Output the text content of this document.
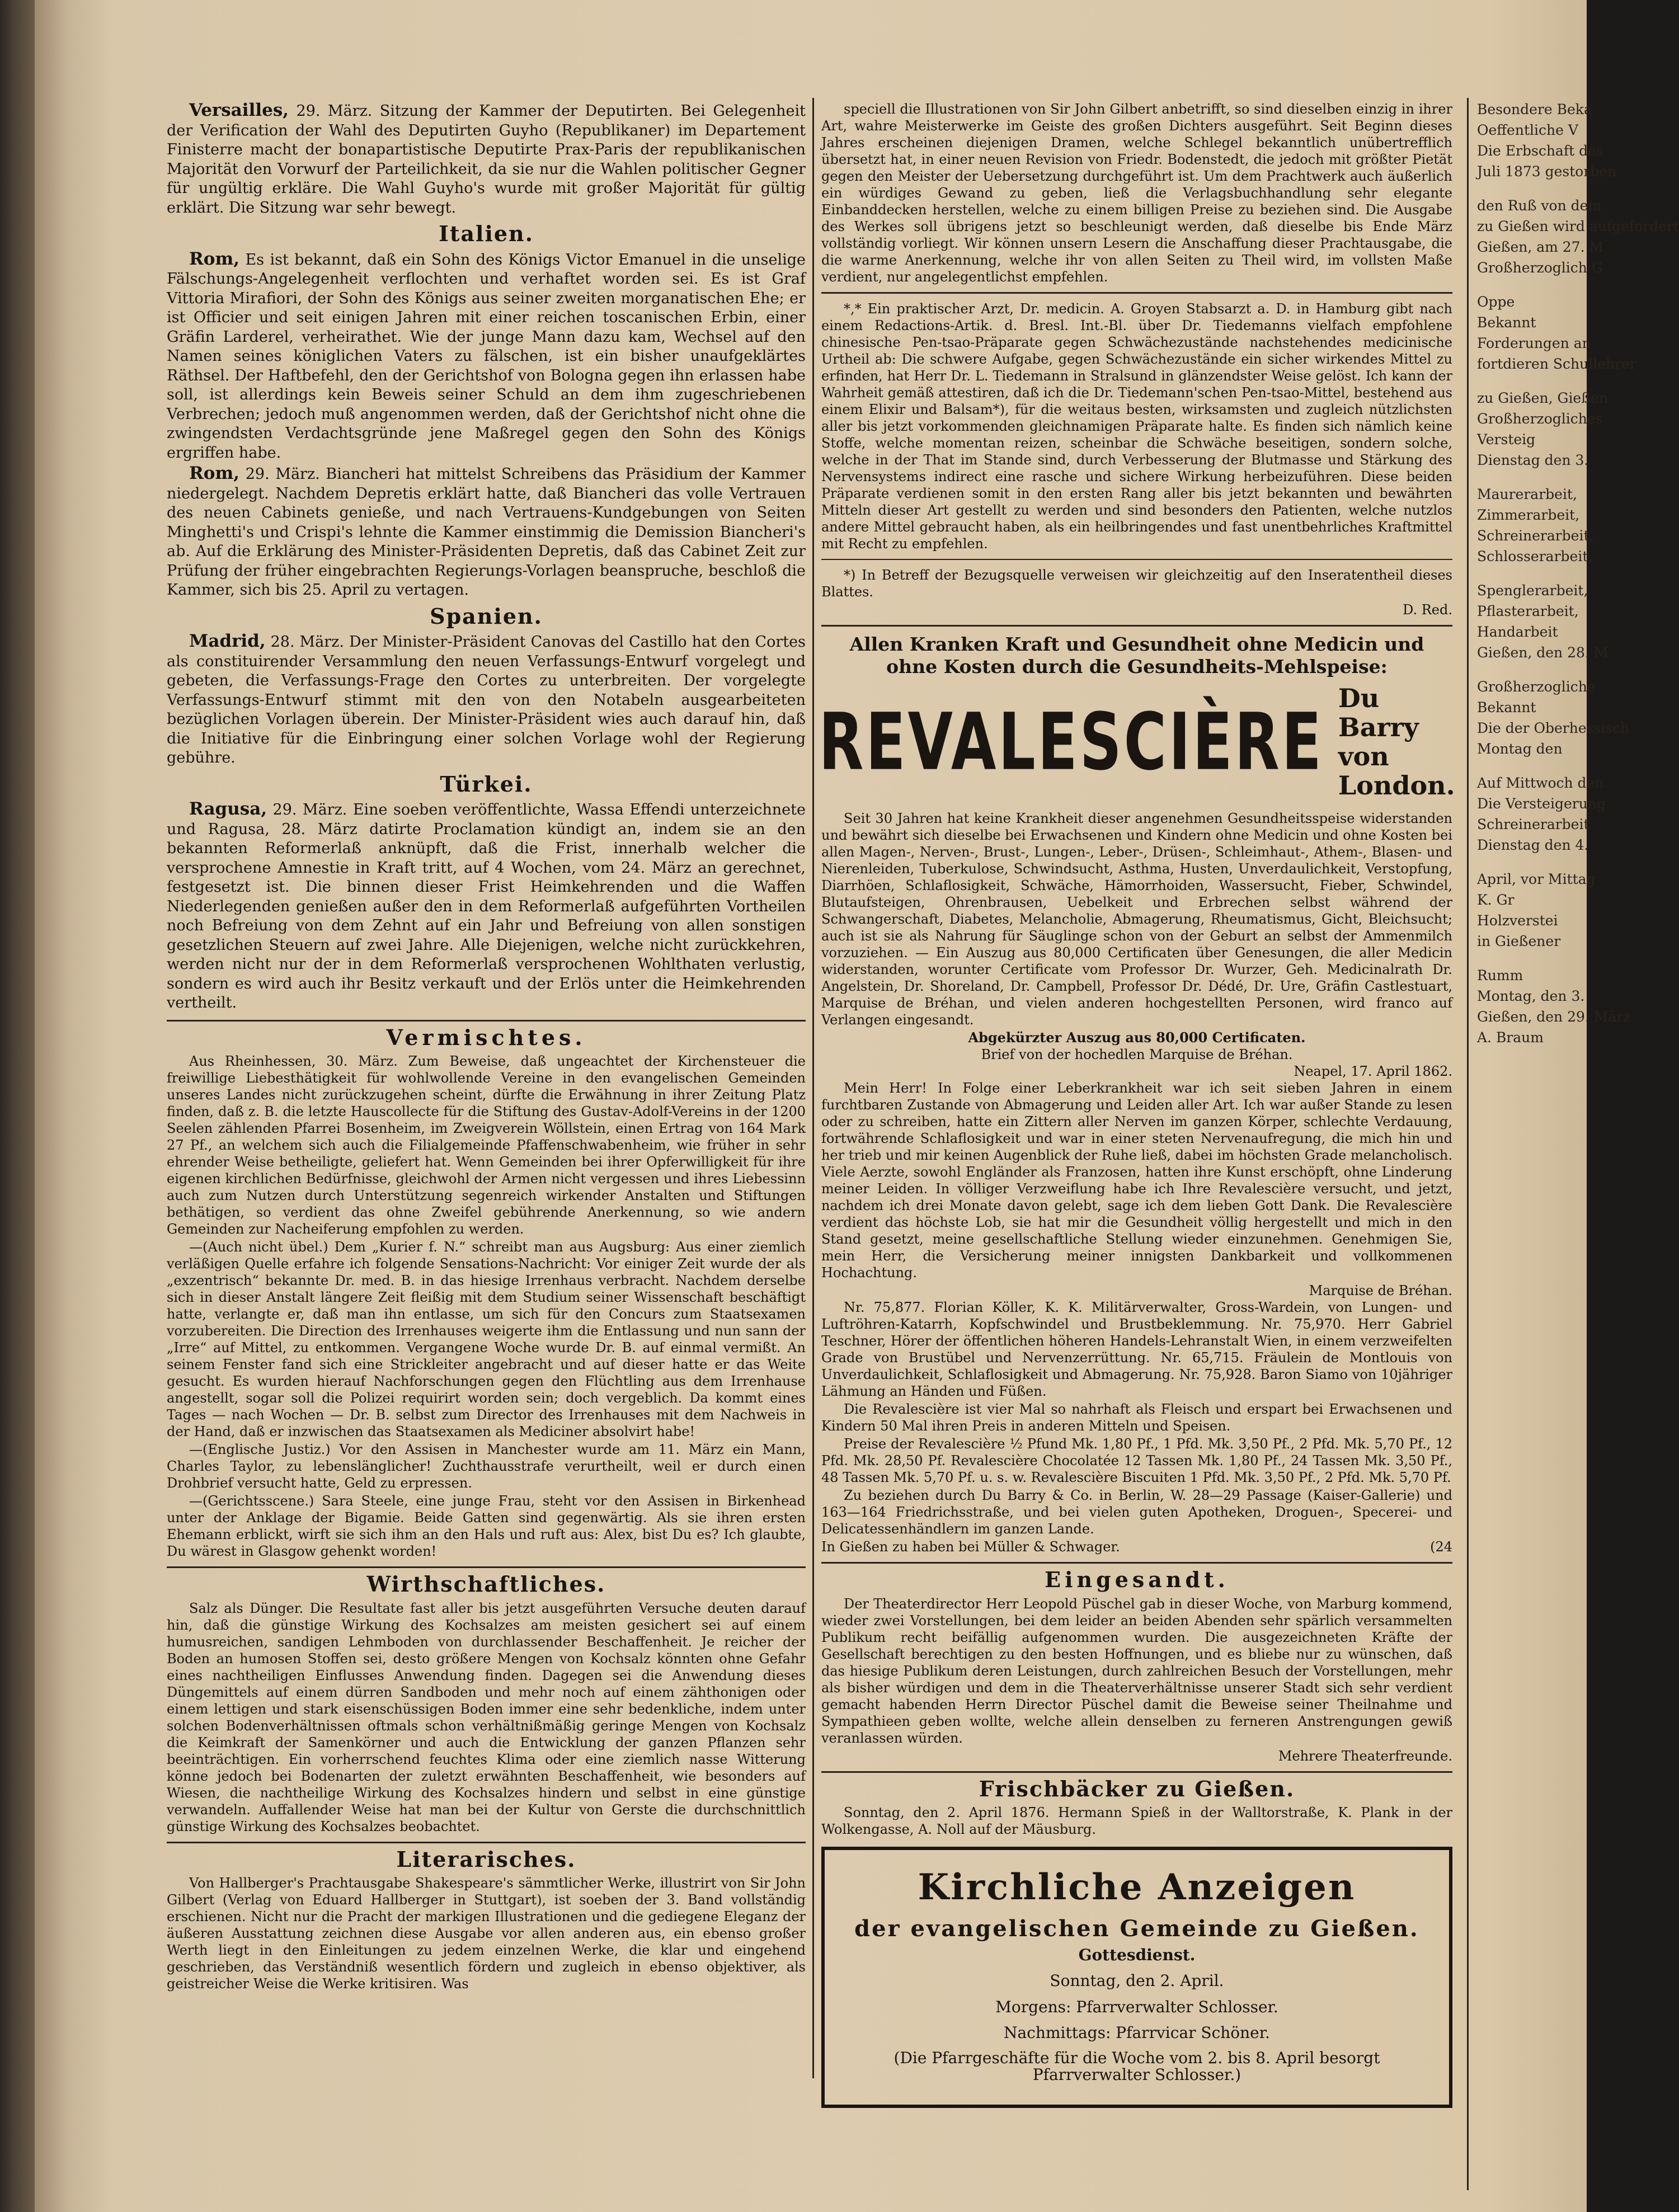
Versailles, 29. März. Sitzung der Kammer der Deputirten. Bei Gelegenheit der Verification der Wahl des Deputirten Guyho (Republikaner) im Departement Finisterre macht der bonapartistische Deputirte Prax-Paris der republikanischen Majorität den Vorwurf der Parteilichkeit, da sie nur die Wahlen politischer Gegner für ungültig erkläre. Die Wahl Guyho's wurde mit großer Majorität für gültig erklärt. Die Sitzung war sehr bewegt.

Italien.

Rom, Es ist bekannt, daß ein Sohn des Königs Victor Emanuel in die unselige Fälschungs-Angelegenheit verflochten und verhaftet worden sei. Es ist Graf Vittoria Mirafiori, der Sohn des Königs aus seiner zweiten morganatischen Ehe; er ist Officier und seit einigen Jahren mit einer reichen toscanischen Erbin, einer Gräfin Larderel, verheirathet. Wie der junge Mann dazu kam, Wechsel auf den Namen seines königlichen Vaters zu fälschen, ist ein bisher unaufgeklärtes Räthsel. Der Haftbefehl, den der Gerichtshof von Bologna gegen ihn erlassen habe soll, ist allerdings kein Beweis seiner Schuld an dem ihm zugeschriebenen Verbrechen; jedoch muß angenommen werden, daß der Gerichtshof nicht ohne die zwingendsten Verdachtsgründe jene Maßregel gegen den Sohn des Königs ergriffen habe.

Rom, 29. März. Biancheri hat mittelst Schreibens das Präsidium der Kammer niedergelegt. Nachdem Depretis erklärt hatte, daß Biancheri das volle Vertrauen des neuen Cabinets genieße, und nach Vertrauens-Kundgebungen von Seiten Minghetti's und Crispi's lehnte die Kammer einstimmig die Demission Biancheri's ab. Auf die Erklärung des Minister-Präsidenten Depretis, daß das Cabinet Zeit zur Prüfung der früher eingebrachten Regierungs-Vorlagen beanspruche, beschloß die Kammer, sich bis 25. April zu vertagen.

Spanien.

Madrid, 28. März. Der Minister-Präsident Canovas del Castillo hat den Cortes als constituirender Versammlung den neuen Verfassungs-Entwurf vorgelegt und gebeten, die Verfassungs-Frage den Cortes zu unterbreiten. Der vorgelegte Verfassungs-Entwurf stimmt mit den von den Notabeln ausgearbeiteten bezüglichen Vorlagen überein. Der Minister-Präsident wies auch darauf hin, daß die Initiative für die Einbringung einer solchen Vorlage wohl der Regierung gebühre.

Türkei.

Ragusa, 29. März. Eine soeben veröffentlichte, Wassa Effendi unterzeichnete und Ragusa, 28. März datirte Proclamation kündigt an, indem sie an den bekannten Reformerlaß anknüpft, daß die Frist, innerhalb welcher die versprochene Amnestie in Kraft tritt, auf 4 Wochen, vom 24. März an gerechnet, festgesetzt ist. Die binnen dieser Frist Heimkehrenden und die Waffen Niederlegenden genießen außer den in dem Reformerlaß aufgeführten Vortheilen noch Befreiung von dem Zehnt auf ein Jahr und Befreiung von allen sonstigen gesetzlichen Steuern auf zwei Jahre. Alle Diejenigen, welche nicht zurückkehren, werden nicht nur der in dem Reformerlaß versprochenen Wohlthaten verlustig, sondern es wird auch ihr Besitz verkauft und der Erlös unter die Heimkehrenden vertheilt.

Vermischtes.

Aus Rheinhessen, 30. März. Zum Beweise, daß ungeachtet der Kirchensteuer die freiwillige Liebesthätigkeit für wohlwollende Vereine in den evangelischen Gemeinden unseres Landes nicht zurückzugehen scheint, dürfte die Erwähnung in ihrer Zeitung Platz finden, daß z. B. die letzte Hauscollecte für die Stiftung des Gustav-Adolf-Vereins in der 1200 Seelen zählenden Pfarrei Bosenheim, im Zweigverein Wöllstein, einen Ertrag von 164 Mark 27 Pf., an welchem sich auch die Filialgemeinde Pfaffenschwabenheim, wie früher in sehr ehrender Weise betheiligte, geliefert hat. Wenn Gemeinden bei ihrer Opferwilligkeit für ihre eigenen kirchlichen Bedürfnisse, gleichwohl der Armen nicht vergessen und ihres Liebessinn auch zum Nutzen durch Unterstützung segenreich wirkender Anstalten und Stiftungen bethätigen, so verdient das ohne Zweifel gebührende Anerkennung, so wie andern Gemeinden zur Nacheiferung empfohlen zu werden.

—(Auch nicht übel.) Dem „Kurier f. N.“ schreibt man aus Augsburg: Aus einer ziemlich verläßigen Quelle erfahre ich folgende Sensations-Nachricht: Vor einiger Zeit wurde der als „exzentrisch“ bekannte Dr. med. B. in das hiesige Irrenhaus verbracht. Nachdem derselbe sich in dieser Anstalt längere Zeit fleißig mit dem Studium seiner Wissenschaft beschäftigt hatte, verlangte er, daß man ihn entlasse, um sich für den Concurs zum Staatsexamen vorzubereiten. Die Direction des Irrenhauses weigerte ihm die Entlassung und nun sann der „Irre“ auf Mittel, zu entkommen. Vergangene Woche wurde Dr. B. auf einmal vermißt. An seinem Fenster fand sich eine Strickleiter angebracht und auf dieser hatte er das Weite gesucht. Es wurden hierauf Nachforschungen gegen den Flüchtling aus dem Irrenhause angestellt, sogar soll die Polizei requirirt worden sein; doch vergeblich. Da kommt eines Tages — nach Wochen — Dr. B. selbst zum Director des Irrenhauses mit dem Nachweis in der Hand, daß er inzwischen das Staatsexamen als Mediciner absolvirt habe!

—(Englische Justiz.) Vor den Assisen in Manchester wurde am 11. März ein Mann, Charles Taylor, zu lebenslänglicher! Zuchthausstrafe verurtheilt, weil er durch einen Drohbrief versucht hatte, Geld zu erpressen.

—(Gerichtsscene.) Sara Steele, eine junge Frau, steht vor den Assisen in Birkenhead unter der Anklage der Bigamie. Beide Gatten sind gegenwärtig. Als sie ihren ersten Ehemann erblickt, wirft sie sich ihm an den Hals und ruft aus: Alex, bist Du es? Ich glaubte, Du wärest in Glasgow gehenkt worden!

Wirthschaftliches.

Salz als Dünger. Die Resultate fast aller bis jetzt ausgeführten Versuche deuten darauf hin, daß die günstige Wirkung des Kochsalzes am meisten gesichert sei auf einem humusreichen, sandigen Lehmboden von durchlassender Beschaffenheit. Je reicher der Boden an humosen Stoffen sei, desto größere Mengen von Kochsalz könnten ohne Gefahr eines nachtheiligen Einflusses Anwendung finden. Dagegen sei die Anwendung dieses Düngemittels auf einem dürren Sandboden und mehr noch auf einem zähthonigen oder einem lettigen und stark eisenschüssigen Boden immer eine sehr bedenkliche, indem unter solchen Bodenverhältnissen oftmals schon verhältnißmäßig geringe Mengen von Kochsalz die Keimkraft der Samenkörner und auch die Entwicklung der ganzen Pflanzen sehr beeinträchtigen. Ein vorherrschend feuchtes Klima oder eine ziemlich nasse Witterung könne jedoch bei Bodenarten der zuletzt erwähnten Beschaffenheit, wie besonders auf Wiesen, die nachtheilige Wirkung des Kochsalzes hindern und selbst in eine günstige verwandeln. Auffallender Weise hat man bei der Kultur von Gerste die durchschnittlich günstige Wirkung des Kochsalzes beobachtet.

Literarisches.

Von Hallberger's Prachtausgabe Shakespeare's sämmtlicher Werke, illustrirt von Sir John Gilbert (Verlag von Eduard Hallberger in Stuttgart), ist soeben der 3. Band vollständig erschienen. Nicht nur die Pracht der markigen Illustrationen und die gediegene Eleganz der äußeren Ausstattung zeichnen diese Ausgabe vor allen anderen aus, ein ebenso großer Werth liegt in den Einleitungen zu jedem einzelnen Werke, die klar und eingehend geschrieben, das Verständniß wesentlich fördern und zugleich in ebenso objektiver, als geistreicher Weise die Werke kritisiren. Was

speciell die Illustrationen von Sir John Gilbert anbetrifft, so sind dieselben einzig in ihrer Art, wahre Meisterwerke im Geiste des großen Dichters ausgeführt. Seit Beginn dieses Jahres erscheinen diejenigen Dramen, welche Schlegel bekanntlich unübertrefflich übersetzt hat, in einer neuen Revision von Friedr. Bodenstedt, die jedoch mit größter Pietät gegen den Meister der Uebersetzung durchgeführt ist. Um dem Prachtwerk auch äußerlich ein würdiges Gewand zu geben, ließ die Verlagsbuchhandlung sehr elegante Einbanddecken herstellen, welche zu einem billigen Preise zu beziehen sind. Die Ausgabe des Werkes soll übrigens jetzt so beschleunigt werden, daß dieselbe bis Ende März vollständig vorliegt. Wir können unsern Lesern die Anschaffung dieser Prachtausgabe, die die warme Anerkennung, welche ihr von allen Seiten zu Theil wird, im vollsten Maße verdient, nur angelegentlichst empfehlen.

*,* Ein praktischer Arzt, Dr. medicin. A. Groyen Stabsarzt a. D. in Hamburg gibt nach einem Redactions-Artik. d. Bresl. Int.-Bl. über Dr. Tiedemanns vielfach empfohlene chinesische Pen-tsao-Präparate gegen Schwächezustände nachstehendes medicinische Urtheil ab: Die schwere Aufgabe, gegen Schwächezustände ein sicher wirkendes Mittel zu erfinden, hat Herr Dr. L. Tiedemann in Stralsund in glänzendster Weise gelöst. Ich kann der Wahrheit gemäß attestiren, daß ich die Dr. Tiedemann'schen Pen-tsao-Mittel, bestehend aus einem Elixir und Balsam*), für die weitaus besten, wirksamsten und zugleich nützlichsten aller bis jetzt vorkommenden gleichnamigen Präparate halte. Es finden sich nämlich keine Stoffe, welche momentan reizen, scheinbar die Schwäche beseitigen, sondern solche, welche in der That im Stande sind, durch Verbesserung der Blutmasse und Stärkung des Nervensystems indirect eine rasche und sichere Wirkung herbeizuführen. Diese beiden Präparate verdienen somit in den ersten Rang aller bis jetzt bekannten und bewährten Mitteln dieser Art gestellt zu werden und sind besonders den Patienten, welche nutzlos andere Mittel gebraucht haben, als ein heilbringendes und fast unentbehrliches Kraftmittel mit Recht zu empfehlen.

*) In Betreff der Bezugsquelle verweisen wir gleichzeitig auf den Inseratentheil dieses Blattes.

D. Red.
Allen Kranken Kraft und Gesundheit ohne Medicin und ohne Kosten durch die Gesundheits-Mehlspeise:
REVALESCIÈRE Du Barry
von London.

Seit 30 Jahren hat keine Krankheit dieser angenehmen Gesundheitsspeise widerstanden und bewährt sich dieselbe bei Erwachsenen und Kindern ohne Medicin und ohne Kosten bei allen Magen-, Nerven-, Brust-, Lungen-, Leber-, Drüsen-, Schleimhaut-, Athem-, Blasen- und Nierenleiden, Tuberkulose, Schwindsucht, Asthma, Husten, Unverdaulichkeit, Verstopfung, Diarrhöen, Schlaflosigkeit, Schwäche, Hämorrhoiden, Wassersucht, Fieber, Schwindel, Blutaufsteigen, Ohrenbrausen, Uebelkeit und Erbrechen selbst während der Schwangerschaft, Diabetes, Melancholie, Abmagerung, Rheumatismus, Gicht, Bleichsucht; auch ist sie als Nahrung für Säuglinge schon von der Geburt an selbst der Ammenmilch vorzuziehen. — Ein Auszug aus 80,000 Certificaten über Genesungen, die aller Medicin widerstanden, worunter Certificate vom Professor Dr. Wurzer, Geh. Medicinalrath Dr. Angelstein, Dr. Shoreland, Dr. Campbell, Professor Dr. Dédé, Dr. Ure, Gräfin Castlestuart, Marquise de Bréhan, und vielen anderen hochgestellten Personen, wird franco auf Verlangen eingesandt.

Abgekürzter Auszug aus 80,000 Certificaten.
Brief von der hochedlen Marquise de Bréhan.
Neapel, 17. April 1862.

Mein Herr! In Folge einer Leberkrankheit war ich seit sieben Jahren in einem furchtbaren Zustande von Abmagerung und Leiden aller Art. Ich war außer Stande zu lesen oder zu schreiben, hatte ein Zittern aller Nerven im ganzen Körper, schlechte Verdauung, fortwährende Schlaflosigkeit und war in einer steten Nervenaufregung, die mich hin und her trieb und mir keinen Augenblick der Ruhe ließ, dabei im höchsten Grade melancholisch. Viele Aerzte, sowohl Engländer als Franzosen, hatten ihre Kunst erschöpft, ohne Linderung meiner Leiden. In völliger Verzweiflung habe ich Ihre Revalescière versucht, und jetzt, nachdem ich drei Monate davon gelebt, sage ich dem lieben Gott Dank. Die Revalescière verdient das höchste Lob, sie hat mir die Gesundheit völlig hergestellt und mich in den Stand gesetzt, meine gesellschaftliche Stellung wieder einzunehmen. Genehmigen Sie, mein Herr, die Versicherung meiner innigsten Dankbarkeit und vollkommenen Hochachtung.

Marquise de Bréhan.

Nr. 75,877. Florian Köller, K. K. Militärverwalter, Gross-Wardein, von Lungen- und Luftröhren-Katarrh, Kopfschwindel und Brustbeklemmung. Nr. 75,970. Herr Gabriel Teschner, Hörer der öffentlichen höheren Handels-Lehranstalt Wien, in einem verzweifelten Grade von Brustübel und Nervenzerrüttung. Nr. 65,715. Fräulein de Montlouis von Unverdaulichkeit, Schlaflosigkeit und Abmagerung. Nr. 75,928. Baron Siamo von 10jähriger Lähmung an Händen und Füßen.

Die Revalescière ist vier Mal so nahrhaft als Fleisch und erspart bei Erwachsenen und Kindern 50 Mal ihren Preis in anderen Mitteln und Speisen.

Preise der Revalescière ½ Pfund Mk. 1,80 Pf., 1 Pfd. Mk. 3,50 Pf., 2 Pfd. Mk. 5,70 Pf., 12 Pfd. Mk. 28,50 Pf. Revalescière Chocolatée 12 Tassen Mk. 1,80 Pf., 24 Tassen Mk. 3,50 Pf., 48 Tassen Mk. 5,70 Pf. u. s. w. Revalescière Biscuiten 1 Pfd. Mk. 3,50 Pf., 2 Pfd. Mk. 5,70 Pf.

Zu beziehen durch Du Barry & Co. in Berlin, W. 28—29 Passage (Kaiser-Gallerie) und 163—164 Friedrichsstraße, und bei vielen guten Apotheken, Droguen-, Specerei- und Delicatessenhändlern im ganzen Lande.

In Gießen zu haben bei Müller & Schwager.	(24
Eingesandt.

Der Theaterdirector Herr Leopold Püschel gab in dieser Woche, von Marburg kommend, wieder zwei Vorstellungen, bei dem leider an beiden Abenden sehr spärlich versammelten Publikum recht beifällig aufgenommen wurden. Die ausgezeichneten Kräfte der Gesellschaft berechtigen zu den besten Hoffnungen, und es bliebe nur zu wünschen, daß das hiesige Publikum deren Leistungen, durch zahlreichen Besuch der Vorstellungen, mehr als bisher würdigen und dem in die Theaterverhältnisse unserer Stadt sich sehr verdient gemacht habenden Herrn Director Püschel damit die Beweise seiner Theilnahme und Sympathieen geben wollte, welche allein denselben zu ferneren Anstrengungen gewiß veranlassen würden.

Mehrere Theaterfreunde.
Frischbäcker zu Gießen.

Sonntag, den 2. April 1876. Hermann Spieß in der Walltorstraße, K. Plank in der Wolkengasse, A. Noll auf der Mäusburg.

Kirchliche Anzeigen
der evangelischen Gemeinde zu Gießen.
Gottesdienst.
Sonntag, den 2. April.
Morgens: Pfarrverwalter Schlosser.
Nachmittags: Pfarrvicar Schöner.
(Die Pfarrgeschäfte für die Woche vom 2. bis 8. April besorgt Pfarrverwalter Schlosser.)

Besondere Beka

Oeffentliche V

Die Erbschaft des

Juli 1873 gestorben

den Ruß von dem

zu Gießen wird aufgefordert

Gießen, am 27. M

Großherzoglich G

Oppe

Bekannt

Forderungen an

fortdieren Schullehrer

zu Gießen, Gießen

Großherzogliches

Versteig

Dienstag den 3.

Maurerarbeit,

Zimmerarbeit,

Schreinerarbeit,

Schlosserarbeit,

Spenglerarbeit,

Pflasterarbeit,

Handarbeit

Gießen, den 28. M

Großherzogliche

Bekannt

Die der Oberhessisch

Montag den

Auf Mittwoch den

Die Versteigerung

Schreinerarbeit

Dienstag den 4.

April, vor Mittag

K. Gr

Holzverstei

in Gießener

Rumm

Montag, den 3.

Gießen, den 29. März

A. Braum
